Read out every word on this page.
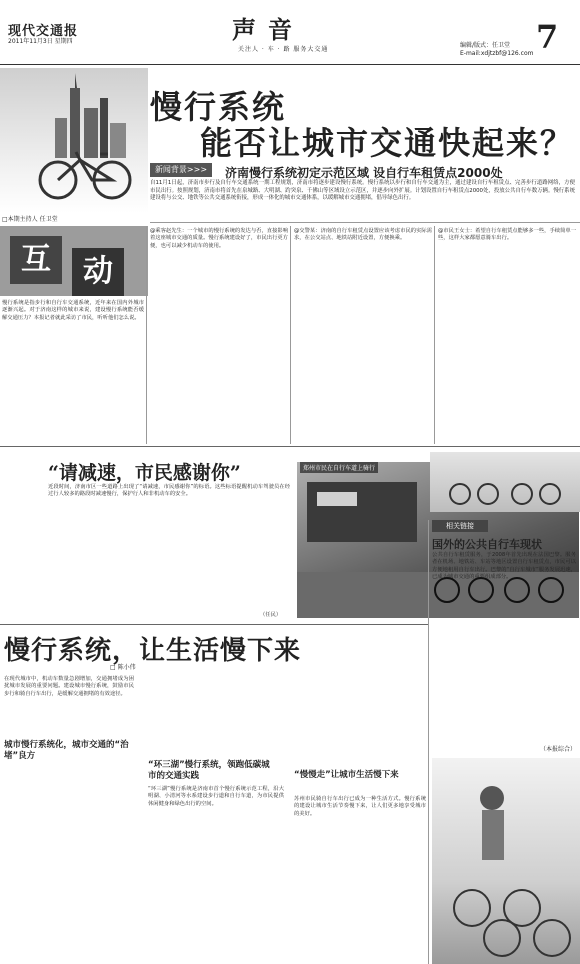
现代交通报
2011年11月3日 星期四	声音
关注人 · 车 · 路 服务大交通
编辑/版式：任卫堂
E-mail:xdjtzbf@126.com 7
慢行系统
能否让城市交通快起来？
新闻背景>>>	济南慢行系统初定示范区域 设自行车租赁点2000处
自11月1日起，济南市步行及自行车交通系统一期工程规划，济南市将逐步建设慢行系统。慢行系统以步行和自行车交通为主，通过建设自行车租赁点、完善步行道路网络，方便市民出行。按照规划，济南市将首先在泉城路、大明湖、趵突泉、千佛山等区域设立示范区，并逐步向外扩展。计划设置自行车租赁点2000处，投放公共自行车数万辆。慢行系统建设将与公交、地铁等公共交通系统衔接，形成一体化的城市交通体系，以缓解城市交通拥堵，倡导绿色出行。
□本期主持人 任卫堂
互	动
慢行系统是指步行和自行车交通系统，近年来在国内外城市逐渐兴起。对于济南这样的城市来说，建设慢行系统能否缓解交通压力？本报记者就此采访了市民，听听他们怎么说。
@乘客赵先生：一个城市的慢行系统的发达与否，直接影响着这座城市交通的质量。慢行系统建设好了，市民出行更方便，也可以减少机动车的使用。
@交警某：济南的自行车租赁点设置应该考虑市民的实际需求，在公交站点、地铁站附近设置，方便换乘。
@市民王女士：希望自行车租赁点能够多一些，手续简单一些，这样大家都愿意骑车出行。
“请减速，市民感谢你”
近段时间，济南市区一些道路上出现了“请减速，市民感谢你”的标语。这些标语提醒机动车驾驶员在经过行人较多的路段时减速慢行，保护行人和非机动车的安全。
（任民）
郑州市民在自行车道上骑行
相关链接
国外的公共自行车现状
公共自行车租赁服务，于2008年首先出现在法国巴黎。服务者在机场、地铁站、车站等地区设置自行车租赁点，市民可以方便地租用自行车出行。巴黎的“自行车城市”服务发展迅速，已成为城市交通的重要组成部分。
慢行系统，让生活慢下来
□ 陈小伟
在现代城市中，机动车数量急剧增加，交通拥堵成为困扰城市发展的重要问题。建设城市慢行系统，鼓励市民步行和骑自行车出行，是缓解交通拥堵的有效途径。
城市慢行系统化，城市交通的“治堵”良方
“环三湖”慢行系统，领跑低碳城市的交通实践
“环三湖”慢行系统是济南市首个慢行系统示范工程，沿大明湖、小清河等水系建设步行道和自行车道，为市民提供休闲健身和绿色出行的空间。
“慢慢走”让城市生活慢下来
苏州市民骑自行车出行已成为一种生活方式。慢行系统的建设让城市生活节奏慢下来，让人们更多地享受城市的美好。
（本报综合）
